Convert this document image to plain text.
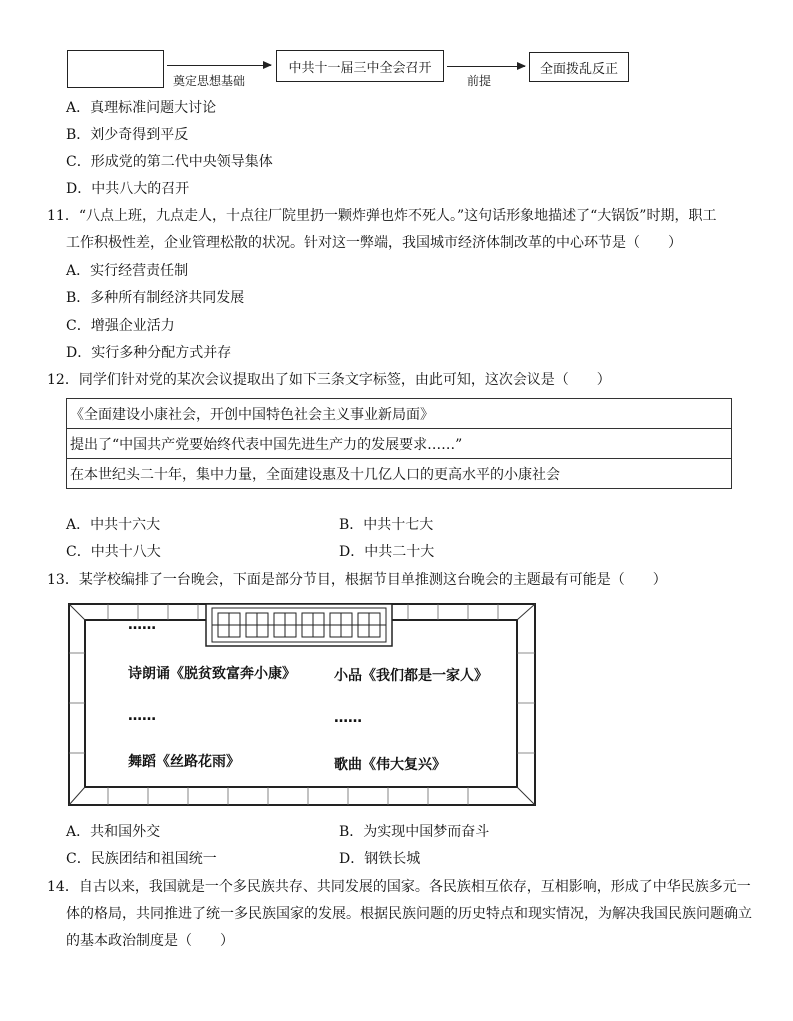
奠定思想基础
中共十一届三中全会召开
前提
全面拨乱反正
A．真理标准问题大讨论
B．刘少奇得到平反
C．形成党的第二代中央领导集体
D．中共八大的召开
11．“八点上班，九点走人，十点往厂院里扔一颗炸弹也炸不死人。”这句话形象地描述了“大锅饭”时期，职工
工作积极性差，企业管理松散的状况。针对这一弊端，我国城市经济体制改革的中心环节是（　　）
A．实行经营责任制
B．多种所有制经济共同发展
C．增强企业活力
D．实行多种分配方式并存
12．同学们针对党的某次会议提取出了如下三条文字标签，由此可知，这次会议是（　　）
《全面建设小康社会，开创中国特色社会主义事业新局面》
提出了“中国共产党要始终代表中国先进生产力的发展要求……”
在本世纪头二十年，集中力量，全面建设惠及十几亿人口的更高水平的小康社会
A．中共十六大	B．中共十七大
C．中共十八大	D．中共二十大
13．某学校编排了一台晚会，下面是部分节目，根据节目单推测这台晚会的主题最有可能是（　　）
……
诗朗诵《脱贫致富奔小康》	小品《我们都是一家人》
……	……
舞蹈《丝路花雨》	歌曲《伟大复兴》
A．共和国外交	B．为实现中国梦而奋斗
C．民族团结和祖国统一	D．钢铁长城
14．自古以来，我国就是一个多民族共存、共同发展的国家。各民族相互依存，互相影响，形成了中华民族多元一
体的格局，共同推进了统一多民族国家的发展。根据民族问题的历史特点和现实情况，为解决我国民族问题确立
的基本政治制度是（　　）
